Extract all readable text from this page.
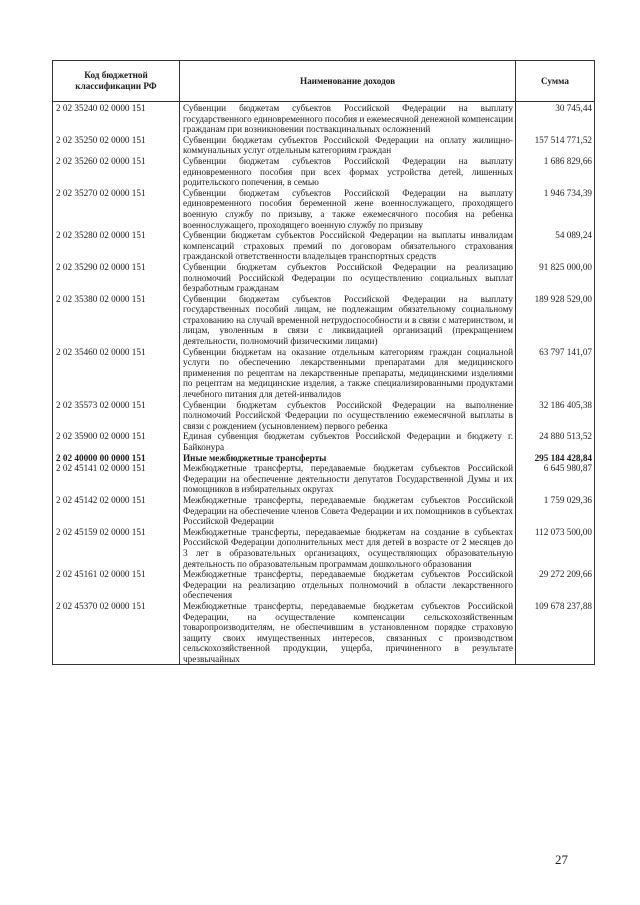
Код бюджетной классификации РФ	Наименование доходов	Сумма
2 02 35240 02 0000 151	Субвенции бюджетам субъектов Российской Федерации на выплату государственного единовременного пособия и ежемесячной денежной компенсации гражданам при возникновении поствакцинальных осложнений	30 745,44
2 02 35250 02 0000 151	Субвенции бюджетам субъектов Российской Федерации на оплату жилищно-коммунальных услуг отдельным категориям граждан	157 514 771,52
2 02 35260 02 0000 151	Субвенции бюджетам субъектов Российской Федерации на выплату единовременного пособия при всех формах устройства детей, лишенных родительского попечения, в семью	1 686 829,66
2 02 35270 02 0000 151	Субвенции бюджетам субъектов Российской Федерации на выплату единовременного пособия беременной жене военнослужащего, проходящего военную службу по призыву, а также ежемесячного пособия на ребенка военнослужащего, проходящего военную службу по призыву	1 946 734,39
2 02 35280 02 0000 151	Субвенции бюджетам субъектов Российской Федерации на выплаты инвалидам компенсаций страховых премий по договорам обязательного страхования гражданской ответственности владельцев транспортных средств	54 089,24
2 02 35290 02 0000 151	Субвенции бюджетам субъектов Российской Федерации на реализацию полномочий Российской Федерации по осуществлению социальных выплат безработным гражданам	91 825 000,00
2 02 35380 02 0000 151	Субвенции бюджетам субъектов Российской Федерации на выплату государственных пособий лицам, не подлежащим обязательному социальному страхованию на случай временной нетрудоспособности и в связи с материнством, и лицам, уволенным в связи с ликвидацией организаций (прекращением деятельности, полномочий физическими лицами)	189 928 529,00
2 02 35460 02 0000 151	Субвенции бюджетам на оказание отдельным категориям граждан социальной услуги по обеспечению лекарственными препаратами для медицинского применения по рецептам на лекарственные препараты, медицинскими изделиями по рецептам на медицинские изделия, а также специализированными продуктами лечебного питания для детей-инвалидов	63 797 141,07
2 02 35573 02 0000 151	Субвенции бюджетам субъектов Российской Федерации на выполнение полномочий Российской Федерации по осуществлению ежемесячной выплаты в связи с рождением (усыновлением) первого ребенка	32 186 405,38
2 02 35900 02 0000 151	Единая субвенция бюджетам субъектов Российской Федерации и бюджету г. Байконура	24 880 513,52
2 02 40000 00 0000 151	Иные межбюджетные трансферты	295 184 428,84
2 02 45141 02 0000 151	Межбюджетные трансферты, передаваемые бюджетам субъектов Российской Федерации на обеспечение деятельности депутатов Государственной Думы и их помощников в избирательных округах	6 645 980,87
2 02 45142 02 0000 151	Межбюджетные трансферты, передаваемые бюджетам субъектов Российской Федерации на обеспечение членов Совета Федерации и их помощников в субъектах Российской Федерации	1 759 029,36
2 02 45159 02 0000 151	Межбюджетные трансферты, передаваемые бюджетам на создание в субъектах Российской Федерации дополнительных мест для детей в возрасте от 2 месяцев до 3 лет в образовательных организациях, осуществляющих образовательную деятельность по образовательным программам дошкольного образования	112 073 500,00
2 02 45161 02 0000 151	Межбюджетные трансферты, передаваемые бюджетам субъектов Российской Федерации на реализацию отдельных полномочий в области лекарственного обеспечения	29 272 209,66
2 02 45370 02 0000 151	Межбюджетные трансферты, передаваемые бюджетам субъектов Российской Федерации, на осуществление компенсации сельскохозяйственным товаропроизводителям, не обеспечившим в установленном порядке страховую защиту своих имущественных интересов, связанных с производством сельскохозяйственной продукции, ущерба, причиненного в результате чрезвычайных	109 678 237,88
27
